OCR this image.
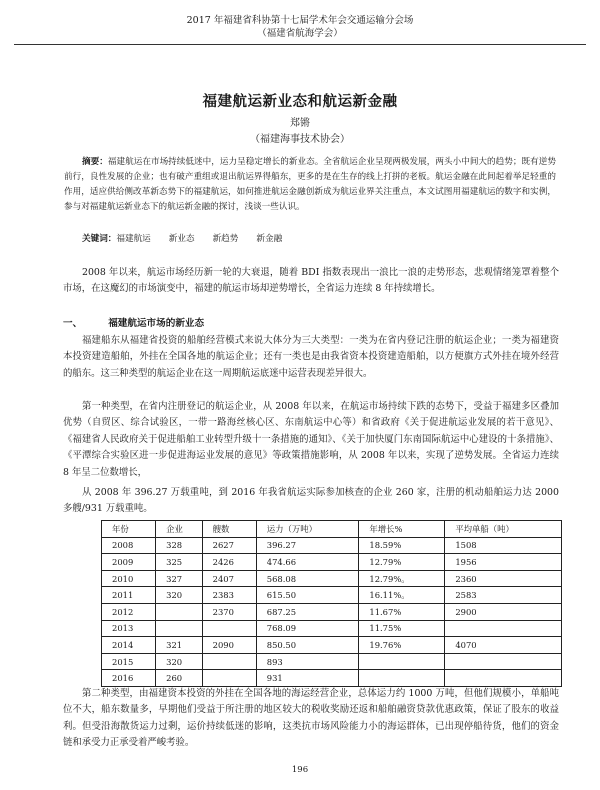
2017 年福建省科协第十七届学术年会交通运输分会场
（福建省航海学会）
福建航运新业态和航运新金融
郑锵
（福建海事技术协会）
摘要：福建航运在市场持续低迷中，运力呈稳定增长的新业态。全省航运企业呈现两极发展，两头小中间大的趋势；既有逆势前行，良性发展的企业；也有破产重组或退出航运界得船东，更多的是在生存的线上打拼的老板。航运金融在此间起着举足轻重的作用，适应供给侧改革新态势下的福建航运，如何推进航运金融创新成为航运业界关注重点，本文试图用福建航运的数字和实例，参与对福建航运新业态下的航运新金融的探讨，浅谈一些认识。
关键词：福建航运 新业态 新趋势 新金融
2008 年以来，航运市场经历新一轮的大衰退，随着 BDI 指数表现出一浪比一浪的走势形态，悲观情绪笼罩着整个市场，在这魔幻的市场演变中，福建的航运市场却逆势增长，全省运力连续 8 年持续增长。
一、	福建航运市场的新业态
福建船东从福建省投资的船舶经营模式来说大体分为三大类型：一类为在省内登记注册的航运企业；一类为福建资本投资建造船舶，外挂在全国各地的航运企业；还有一类也是由我省资本投资建造船舶，以方便旗方式外挂在境外经营的船东。这三种类型的航运企业在这一周期航运底迷中运营表现差异很大。
第一种类型，在省内注册登记的航运企业，从 2008 年以来，在航运市场持续下跌的态势下，受益于福建多区叠加优势（自贸区、综合试验区，一带一路海丝核心区、东南航运中心等）和省政府《关于促进航运业发展的若干意见》、《福建省人民政府关于促进船舶工业转型升级十一条措施的通知》、《关于加快厦门东南国际航运中心建设的十条措施》、《平潭综合实验区进一步促进海运业发展的意见》等政策措施影响，从 2008 年以来，实现了逆势发展。全省运力连续 8 年呈二位数增长，
从 2008 年 396.27 万载重吨，到 2016 年我省航运实际参加核查的企业 260 家，注册的机动船舶运力达 2000 多艘/931 万载重吨。
年份	企业	艘数	运力（万吨）	年增长%	平均单船（吨）
2008	328	2627	396.27	18.59%	1508
2009	325	2426	474.66	12.79%	1956
2010	327	2407	568.08	12.79%。	2360
2011	320	2383	615.50	16.11%。	2583
2012		2370	687.25	11.67%	2900
2013			768.09	11.75%	
2014	321	2090	850.50	19.76%	4070
2015	320		893		
2016	260		931		
第二种类型，由福建资本投资的外挂在全国各地的海运经营企业，总体运力约 1000 万吨，但他们规模小，单船吨位不大，船东数量多，早期他们受益于所注册的地区较大的税收奖励还返和船舶融资贷款优惠政策，保证了股东的收益利。但受沿海散货运力过剩，运价持续低迷的影响，这类抗市场风险能力小的海运群体，已出现停船待货，他们的资金链和承受力正承受着严峻考验。
196
